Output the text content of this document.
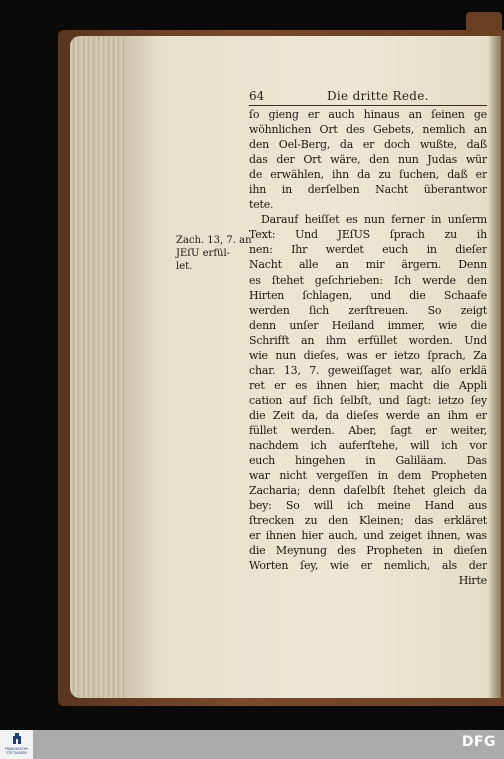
64	Die dritte Rede.
Zach. 13, 7. an
JEſU erfül-
let.
ſo gieng er auch hinaus an ſeinen ge
wöhnlichen Ort des Gebets, nemlich an
den Oel-Berg, da er doch wußte, daß
das der Ort wäre, den nun Judas wür
de erwählen, ihn da zu ſuchen, daß er
ihn in derſelben Nacht überantwor
tete.
Darauf heiſſet es nun ferner in unſerm
Text: Und JEſUS ſprach zu ih
nen: Ihr werdet euch in dieſer
Nacht alle an mir ärgern. Denn
es ſtehet geſchrieben: Ich werde den
Hirten ſchlagen, und die Schaafe
werden ſich zerſtreuen. So zeigt
denn unſer Heiland immer, wie die
Schrifft an ihm erfüllet worden. Und
wie nun dieſes, was er ietzo ſprach, Za
char. 13, 7. geweiſſaget war, alſo erklä
ret er es ihnen hier, macht die Appli
cation auf ſich ſelbſt, und ſagt: ietzo ſey
die Zeit da, da dieſes werde an ihm er
füllet werden. Aber, ſagt er weiter,
nachdem ich auferſtehe, will ich vor
euch hingehen in Galiläam. Das
war nicht vergeſſen in dem Propheten
Zacharia; denn daſelbſt ſtehet gleich da
bey: So will ich meine Hand aus
ſtrecken zu den Kleinen; das erkläret
er ihnen hier auch, und zeiget ihnen, was
die Meynung des Propheten in dieſen
Worten ſey, wie er nemlich, als der
Hirte
FRANCKESCHE STIFTUNGEN
DFG
